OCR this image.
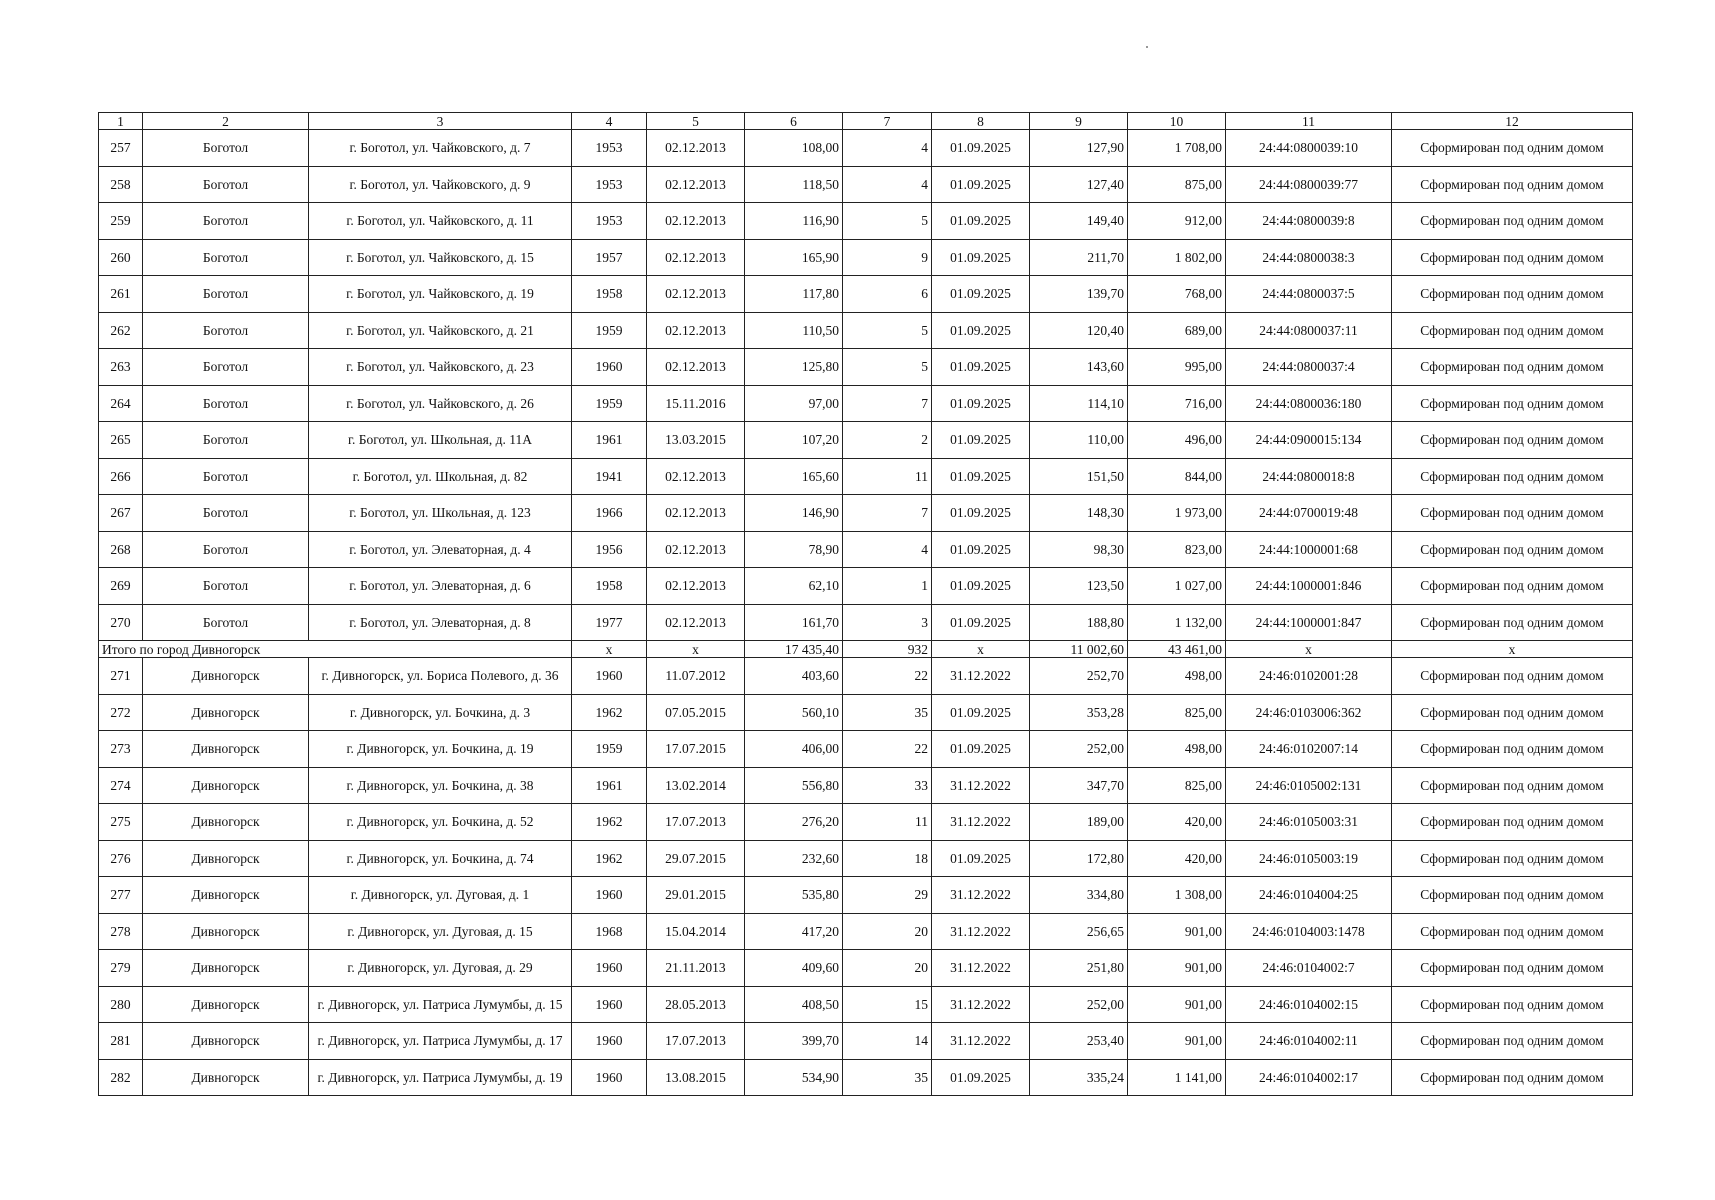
1	2	3	4	5	6	7	8	9	10	11	12
257	Боготол	г. Боготол, ул. Чайковского, д. 7	1953	02.12.2013	108,00	4	01.09.2025	127,90	1 708,00	24:44:0800039:10	Сформирован под одним домом
258	Боготол	г. Боготол, ул. Чайковского, д. 9	1953	02.12.2013	118,50	4	01.09.2025	127,40	875,00	24:44:0800039:77	Сформирован под одним домом
259	Боготол	г. Боготол, ул. Чайковского, д. 11	1953	02.12.2013	116,90	5	01.09.2025	149,40	912,00	24:44:0800039:8	Сформирован под одним домом
260	Боготол	г. Боготол, ул. Чайковского, д. 15	1957	02.12.2013	165,90	9	01.09.2025	211,70	1 802,00	24:44:0800038:3	Сформирован под одним домом
261	Боготол	г. Боготол, ул. Чайковского, д. 19	1958	02.12.2013	117,80	6	01.09.2025	139,70	768,00	24:44:0800037:5	Сформирован под одним домом
262	Боготол	г. Боготол, ул. Чайковского, д. 21	1959	02.12.2013	110,50	5	01.09.2025	120,40	689,00	24:44:0800037:11	Сформирован под одним домом
263	Боготол	г. Боготол, ул. Чайковского, д. 23	1960	02.12.2013	125,80	5	01.09.2025	143,60	995,00	24:44:0800037:4	Сформирован под одним домом
264	Боготол	г. Боготол, ул. Чайковского, д. 26	1959	15.11.2016	97,00	7	01.09.2025	114,10	716,00	24:44:0800036:180	Сформирован под одним домом
265	Боготол	г. Боготол, ул. Школьная, д. 11А	1961	13.03.2015	107,20	2	01.09.2025	110,00	496,00	24:44:0900015:134	Сформирован под одним домом
266	Боготол	г. Боготол, ул. Школьная, д. 82	1941	02.12.2013	165,60	11	01.09.2025	151,50	844,00	24:44:0800018:8	Сформирован под одним домом
267	Боготол	г. Боготол, ул. Школьная, д. 123	1966	02.12.2013	146,90	7	01.09.2025	148,30	1 973,00	24:44:0700019:48	Сформирован под одним домом
268	Боготол	г. Боготол, ул. Элеваторная, д. 4	1956	02.12.2013	78,90	4	01.09.2025	98,30	823,00	24:44:1000001:68	Сформирован под одним домом
269	Боготол	г. Боготол, ул. Элеваторная, д. 6	1958	02.12.2013	62,10	1	01.09.2025	123,50	1 027,00	24:44:1000001:846	Сформирован под одним домом
270	Боготол	г. Боготол, ул. Элеваторная, д. 8	1977	02.12.2013	161,70	3	01.09.2025	188,80	1 132,00	24:44:1000001:847	Сформирован под одним домом
Итого по город Дивногорск			х	х	17 435,40	932	х	11 002,60	43 461,00	х	х
271	Дивногорск	г. Дивногорск, ул. Бориса Полевого, д. 36	1960	11.07.2012	403,60	22	31.12.2022	252,70	498,00	24:46:0102001:28	Сформирован под одним домом
272	Дивногорск	г. Дивногорск, ул. Бочкина, д. 3	1962	07.05.2015	560,10	35	01.09.2025	353,28	825,00	24:46:0103006:362	Сформирован под одним домом
273	Дивногорск	г. Дивногорск, ул. Бочкина, д. 19	1959	17.07.2015	406,00	22	01.09.2025	252,00	498,00	24:46:0102007:14	Сформирован под одним домом
274	Дивногорск	г. Дивногорск, ул. Бочкина, д. 38	1961	13.02.2014	556,80	33	31.12.2022	347,70	825,00	24:46:0105002:131	Сформирован под одним домом
275	Дивногорск	г. Дивногорск, ул. Бочкина, д. 52	1962	17.07.2013	276,20	11	31.12.2022	189,00	420,00	24:46:0105003:31	Сформирован под одним домом
276	Дивногорск	г. Дивногорск, ул. Бочкина, д. 74	1962	29.07.2015	232,60	18	01.09.2025	172,80	420,00	24:46:0105003:19	Сформирован под одним домом
277	Дивногорск	г. Дивногорск, ул. Дуговая, д. 1	1960	29.01.2015	535,80	29	31.12.2022	334,80	1 308,00	24:46:0104004:25	Сформирован под одним домом
278	Дивногорск	г. Дивногорск, ул. Дуговая, д. 15	1968	15.04.2014	417,20	20	31.12.2022	256,65	901,00	24:46:0104003:1478	Сформирован под одним домом
279	Дивногорск	г. Дивногорск, ул. Дуговая, д. 29	1960	21.11.2013	409,60	20	31.12.2022	251,80	901,00	24:46:0104002:7	Сформирован под одним домом
280	Дивногорск	г. Дивногорск, ул. Патриса Лумумбы, д. 15	1960	28.05.2013	408,50	15	31.12.2022	252,00	901,00	24:46:0104002:15	Сформирован под одним домом
281	Дивногорск	г. Дивногорск, ул. Патриса Лумумбы, д. 17	1960	17.07.2013	399,70	14	31.12.2022	253,40	901,00	24:46:0104002:11	Сформирован под одним домом
282	Дивногорск	г. Дивногорск, ул. Патриса Лумумбы, д. 19	1960	13.08.2015	534,90	35	01.09.2025	335,24	1 141,00	24:46:0104002:17	Сформирован под одним домом
